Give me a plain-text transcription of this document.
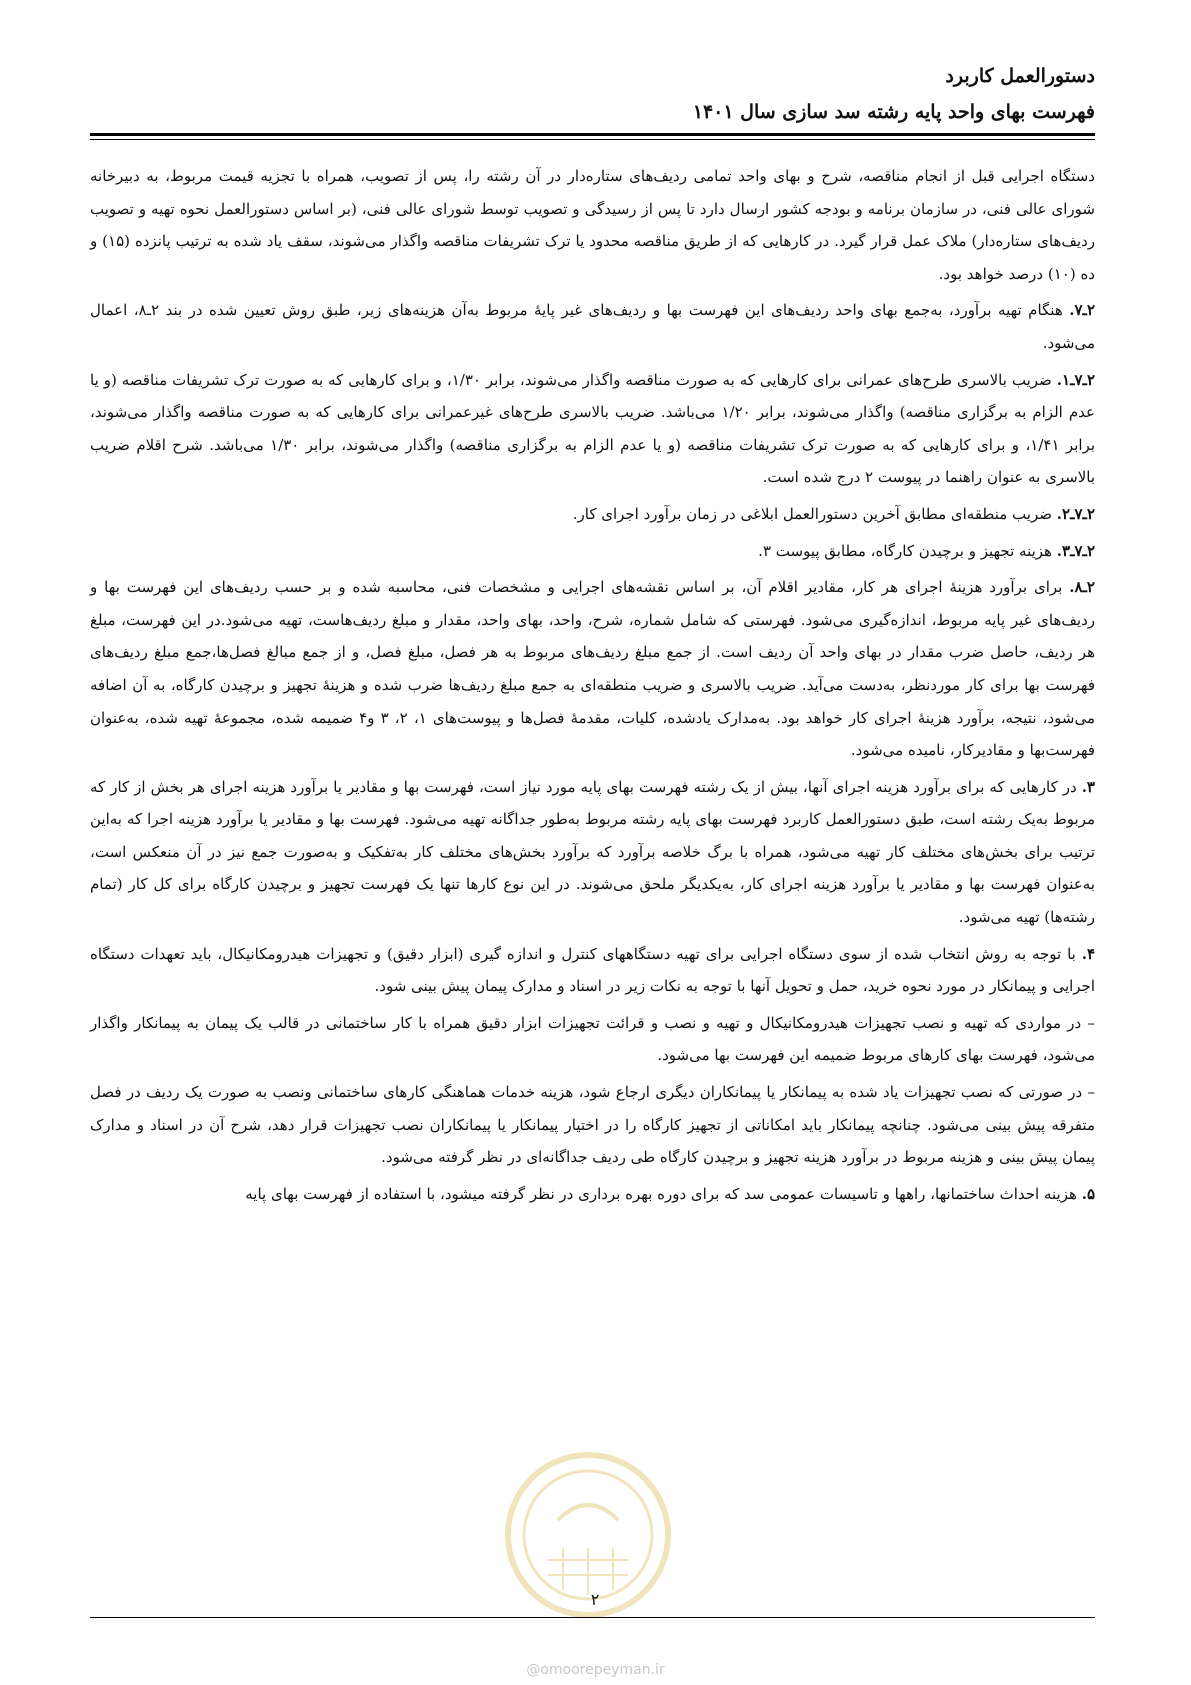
دستورالعمل کاربرد
فهرست بهای واحد پایه رشته سد سازی سال ۱۴۰۱

دستگاه اجرایی قبل از انجام مناقصه، شرح و بهای واحد تمامی ردیف‌های ستاره‌دار در آن رشته را، پس از تصویب، همراه با تجزیه قیمت مربوط، به دبیرخانه شورای عالی فنی، در سازمان برنامه و بودجه کشور ارسال دارد تا پس از رسیدگی و تصویب توسط شورای عالی فنی، (بر اساس دستورالعمل نحوه تهیه و تصویب ردیف‌های ستاره‌دار) ملاک عمل قرار گیرد. در کارهایی که از طریق مناقصه محدود یا ترک تشریفات مناقصه واگذار می‌شوند، سقف یاد شده به ترتیب پانزده (۱۵) و ده (۱۰) درصد خواهد بود.

۲ـ۷. هنگام تهیه برآورد، به‌جمع بهای واحد ردیف‌های این فهرست بها و ردیف‌های غیر پایهٔ مربوط به‌آن هزینه‌های زیر، طبق روش تعیین شده در بند ۲ـ۸، اعمال می‌شود.

۲ـ۷ـ۱. ضریب بالاسری طرح‌های عمرانی برای کارهایی که به صورت مناقصه واگذار می‌شوند، برابر ۱/۳۰، و برای کارهایی که به صورت ترک تشریفات مناقصه (و یا عدم الزام به برگزاری مناقصه) واگذار می‌شوند، برابر ۱/۲۰ می‌باشد. ضریب بالاسری طرح‌های غیرعمرانی برای کارهایی که به صورت مناقصه واگذار می‌شوند، برابر ۱/۴۱، و برای کارهایی که به صورت ترک تشریفات مناقصه (و یا عدم الزام به برگزاری مناقصه) واگذار می‌شوند، برابر ۱/۳۰ می‌باشد. شرح اقلام ضریب بالاسری به عنوان راهنما در پیوست ۲ درج شده است.

۲ـ۷ـ۲. ضریب منطقه‌ای مطابق آخرین دستورالعمل ابلاغی در زمان برآورد اجرای کار.

۲ـ۷ـ۳. هزینه تجهیز و برچیدن کارگاه، مطابق پیوست ۳.

۲ـ۸. برای برآورد هزینهٔ اجرای هر کار، مقادیر اقلام آن، بر اساس نقشه‌های اجرایی و مشخصات فنی، محاسبه شده و بر حسب ردیف‌های این فهرست بها و ردیف‌های غیر پایه مربوط، اندازه‌گیری می‌شود. فهرستی که شامل شماره، شرح، واحد، بهای واحد، مقدار و مبلغ ردیف‌هاست، تهیه می‌شود.در این فهرست، مبلغ هر ردیف، حاصل ضرب مقدار در بهای واحد آن ردیف است. از جمع مبلغ ردیف‌های مربوط به هر فصل، مبلغ فصل، و از جمع مبالغ فصل‌ها،جمع مبلغ ردیف‌های فهرست بها برای کار موردنظر، به‌دست می‌آید. ضریب بالاسری و ضریب منطقه‌ای به جمع مبلغ ردیف‌ها ضرب شده و هزینهٔ تجهیز و برچیدن کارگاه، به آن اضافه می‌شود، نتیجه، برآورد هزینهٔ اجرای کار خواهد بود. به‌مدارک یادشده، کلیات، مقدمهٔ فصل‌ها و پیوست‌های ۱، ۲، ۳ و۴ ضمیمه شده، مجموعهٔ تهیه شده، به‌عنوان فهرست‌بها و مقادیرکار، نامیده می‌شود.

۳. در کارهایی که برای برآورد هزینه اجرای آنها، بیش از یک رشته فهرست بهای پایه مورد نیاز است، فهرست بها و مقادیر یا برآورد هزینه اجرای هر بخش از کار که مربوط به‌یک رشته است، طبق دستورالعمل کاربرد فهرست بهای پایه رشته مربوط به‌طور جداگانه تهیه می‌شود. فهرست بها و مقادیر یا برآورد هزینه اجرا که به‌این ترتیب برای بخش‌های مختلف کار تهیه می‌شود، همراه با برگ خلاصه برآورد که برآورد بخش‌های مختلف کار به‌تفکیک و به‌صورت جمع نیز در آن منعکس است، به‌عنوان فهرست بها و مقادیر یا برآورد هزینه اجرای کار، به‌یکدیگر ملحق می‌شوند. در این نوع کارها تنها یک فهرست تجهیز و برچیدن کارگاه برای کل کار (تمام رشته‌ها) تهیه می‌شود.

۴. با توجه به روش انتخاب شده از سوی دستگاه اجرایی برای تهیه دستگاههای کنترل و اندازه گیری (ابزار دقیق) و تجهیزات هیدرومکانیکال، باید تعهدات دستگاه اجرایی و پیمانکار در مورد نحوه خرید، حمل و تحویل آنها با توجه به نکات زیر در اسناد و مدارک پیمان پیش بینی شود.

– در مواردی که تهیه و نصب تجهیزات هیدرومکانیکال و تهیه و نصب و قرائت تجهیزات ابزار دقیق همراه با کار ساختمانی در قالب یک پیمان به پیمانکار واگذار می‌شود، فهرست بهای کارهای مربوط ضمیمه این فهرست بها می‌شود.

– در صورتی که نصب تجهیزات یاد شده به پیمانکار یا پیمانکاران دیگری ارجاع شود، هزینه خدمات هماهنگی کارهای ساختمانی ونصب به صورت یک ردیف در فصل متفرقه پیش بینی می‌شود. چنانچه پیمانکار باید امکاناتی از تجهیز کارگاه را در اختیار پیمانکار یا پیمانکاران نصب تجهیزات قرار دهد، شرح آن در اسناد و مدارک پیمان پیش بینی و هزینه مربوط در برآورد هزینه تجهیز و برچیدن کارگاه طی ردیف جداگانه‌ای در نظر گرفته می‌شود.

۵. هزینه احداث ساختمانها، راهها و تاسیسات عمومی سد که برای دوره بهره برداری در نظر گرفته میشود، با استفاده از فهرست بهای پایه

۲
@omoorepeyman.ir
